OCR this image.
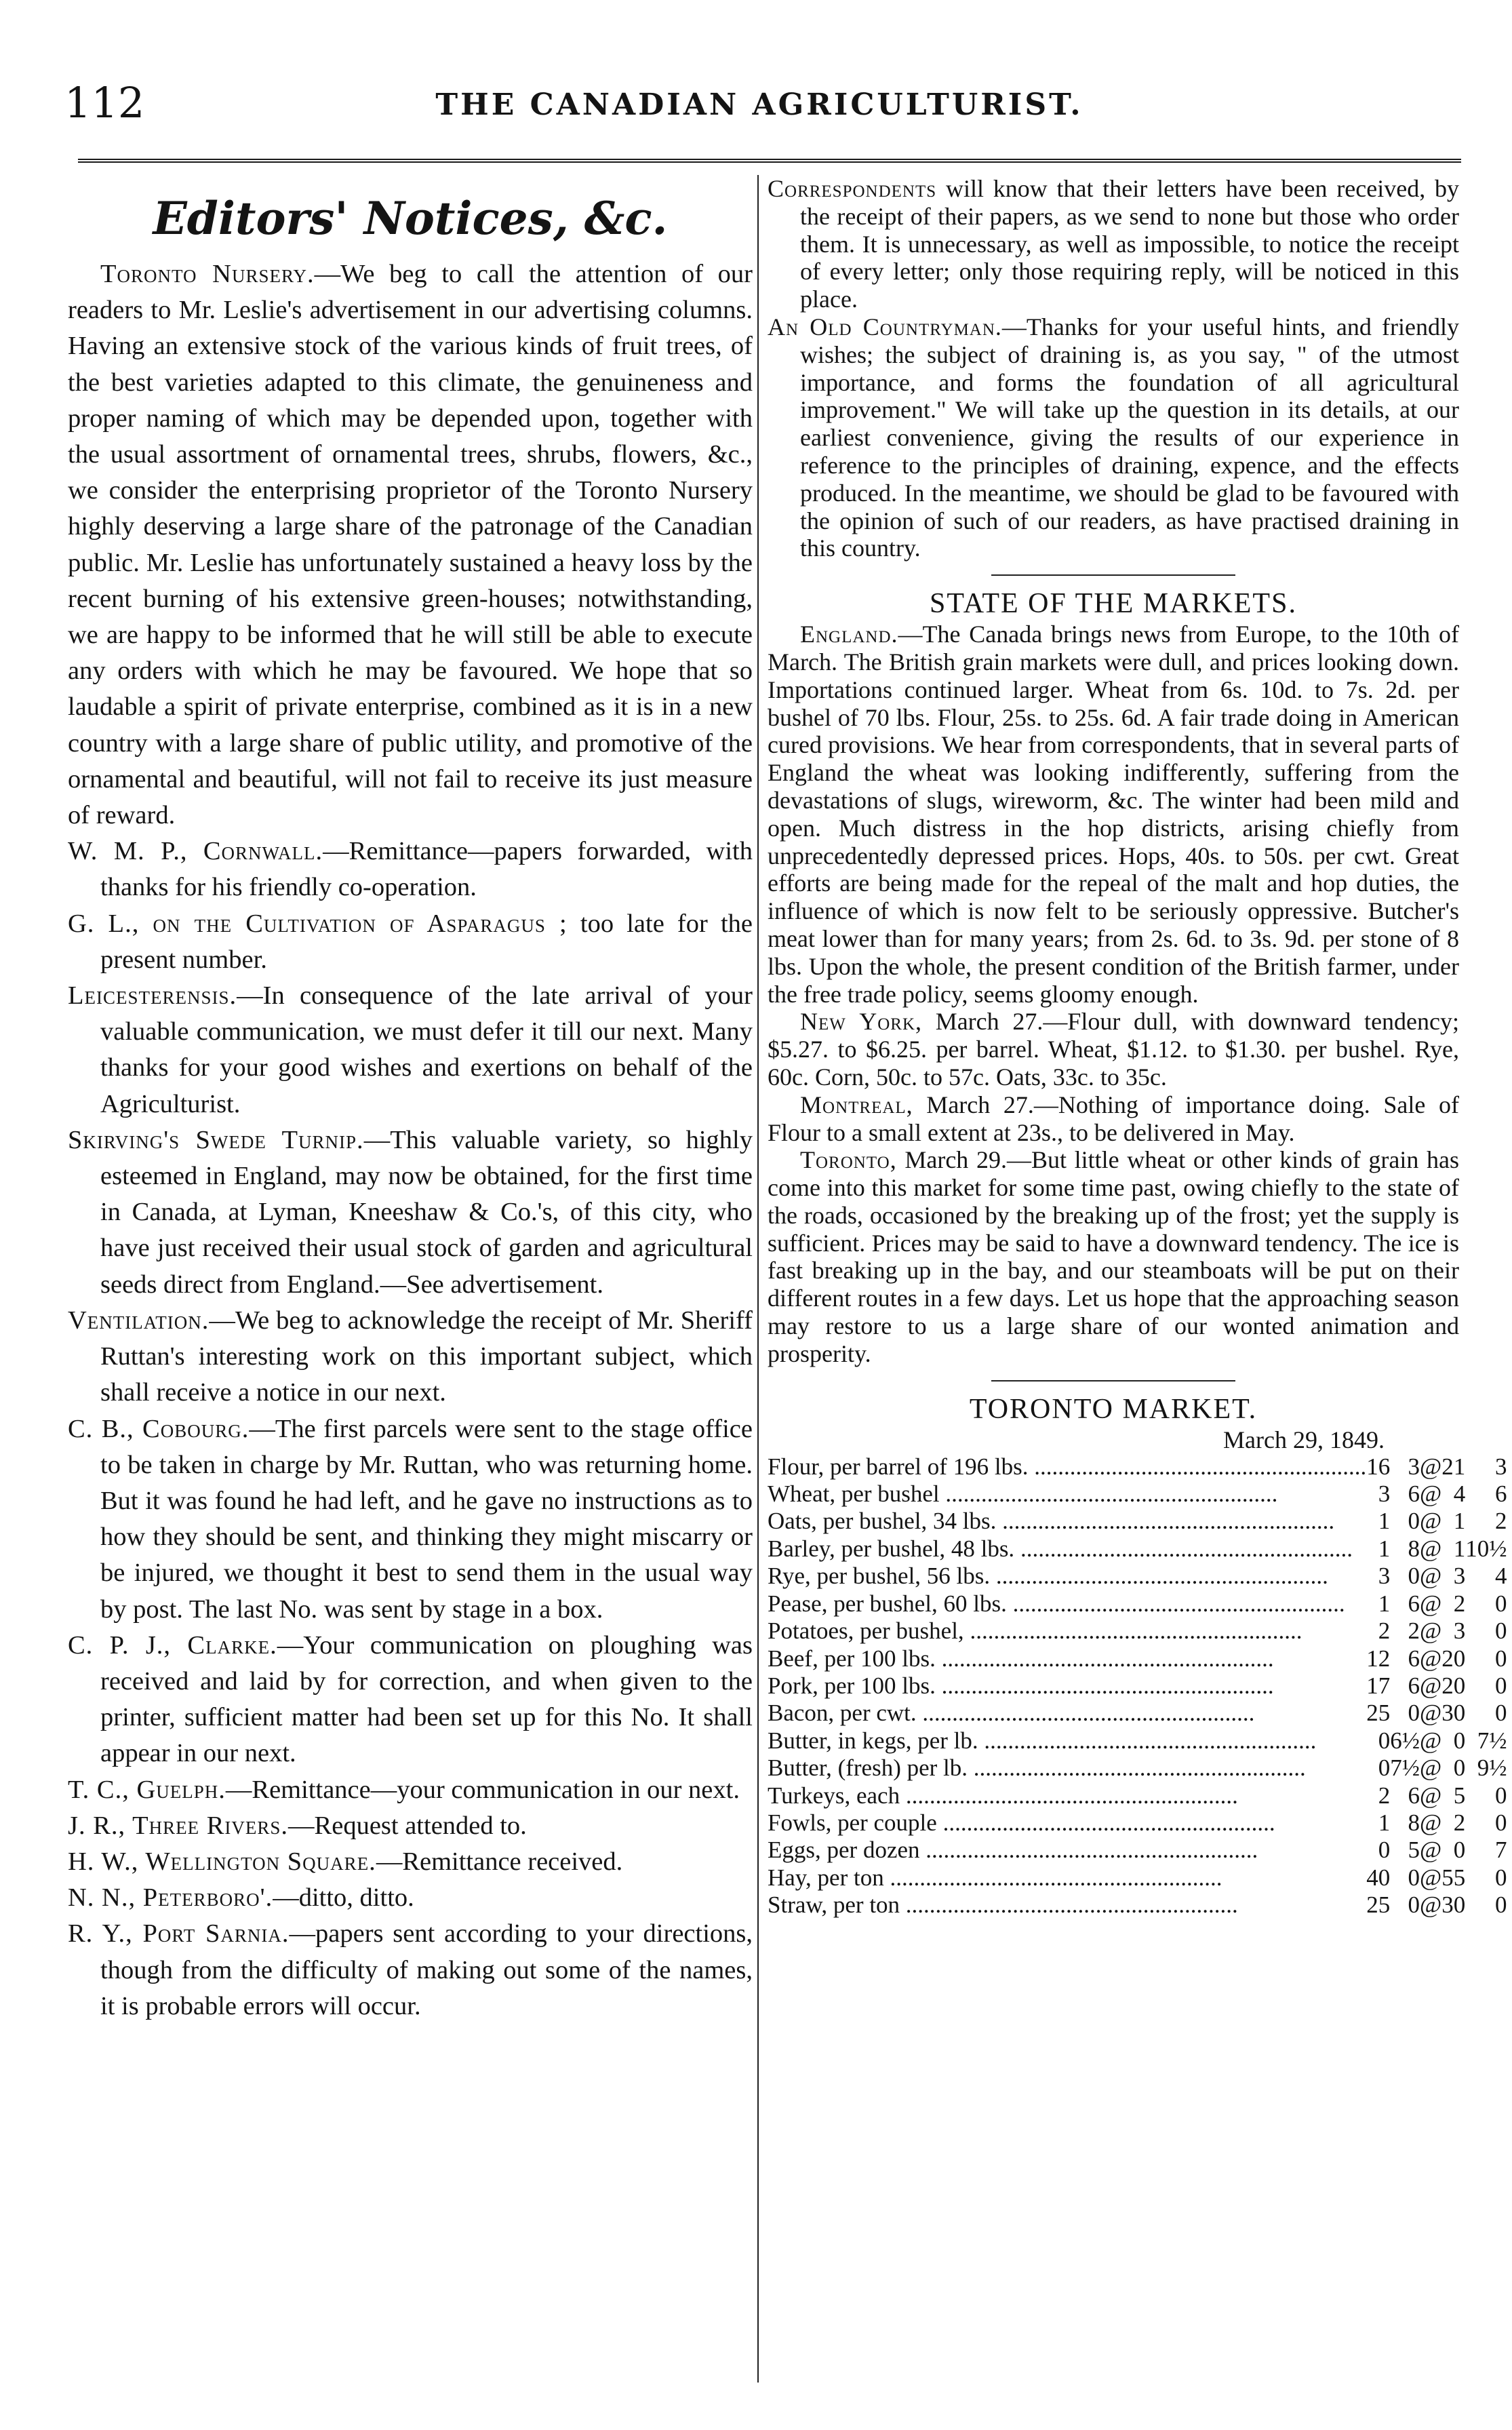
112	THE CANADIAN AGRICULTURIST.
Editors' Notices, &c.

Toronto Nursery.—We beg to call the attention of our readers to Mr. Leslie's advertisement in our advertising columns. Having an extensive stock of the various kinds of fruit trees, of the best varieties adapted to this climate, the genuineness and proper naming of which may be depended upon, together with the usual assortment of ornamental trees, shrubs, flowers, &c., we consider the enterprising proprietor of the Toronto Nursery highly deserving a large share of the patronage of the Canadian public. Mr. Leslie has unfortunately sustained a heavy loss by the recent burning of his extensive green-houses; notwithstanding, we are happy to be informed that he will still be able to execute any orders with which he may be favoured. We hope that so laudable a spirit of private enterprise, combined as it is in a new country with a large share of public utility, and promotive of the ornamental and beautiful, will not fail to receive its just measure of reward.

W. M. P., Cornwall.—Remittance—papers forwarded, with thanks for his friendly co-operation.

G. L., on the Cultivation of Asparagus ; too late for the present number.

Leicesterensis.—In consequence of the late arrival of your valuable communication, we must defer it till our next. Many thanks for your good wishes and exertions on behalf of the Agriculturist.

Skirving's Swede Turnip.—This valuable variety, so highly esteemed in England, may now be obtained, for the first time in Canada, at Lyman, Kneeshaw & Co.'s, of this city, who have just received their usual stock of garden and agricultural seeds direct from England.—See advertisement.

Ventilation.—We beg to acknowledge the receipt of Mr. Sheriff Ruttan's interesting work on this important subject, which shall receive a notice in our next.

C. B., Cobourg.—The first parcels were sent to the stage office to be taken in charge by Mr. Ruttan, who was returning home. But it was found he had left, and he gave no instructions as to how they should be sent, and thinking they might miscarry or be injured, we thought it best to send them in the usual way by post. The last No. was sent by stage in a box.

C. P. J., Clarke.—Your communication on ploughing was received and laid by for correction, and when given to the printer, sufficient matter had been set up for this No. It shall appear in our next.

T. C., Guelph.—Remittance—your communication in our next.

J. R., Three Rivers.—Request attended to.

H. W., Wellington Square.—Remittance received.

N. N., Peterboro'.—ditto, ditto.

R. Y., Port Sarnia.—papers sent according to your directions, though from the difficulty of making out some of the names, it is probable errors will occur.

Correspondents will know that their letters have been received, by the receipt of their papers, as we send to none but those who order them. It is unnecessary, as well as impossible, to notice the receipt of every letter; only those requiring reply, will be noticed in this place.

An Old Countryman.—Thanks for your useful hints, and friendly wishes; the subject of draining is, as you say, " of the utmost importance, and forms the foundation of all agricultural improvement." We will take up the question in its details, at our earliest convenience, giving the results of our experience in reference to the principles of draining, expence, and the effects produced. In the meantime, we should be glad to be favoured with the opinion of such of our readers, as have practised draining in this country.

STATE OF THE MARKETS.

England.—The Canada brings news from Europe, to the 10th of March. The British grain markets were dull, and prices looking down. Importations continued larger. Wheat from 6s. 10d. to 7s. 2d. per bushel of 70 lbs. Flour, 25s. to 25s. 6d. A fair trade doing in American cured provisions. We hear from correspondents, that in several parts of England the wheat was looking indifferently, suffering from the devastations of slugs, wireworm, &c. The winter had been mild and open. Much distress in the hop districts, arising chiefly from unprecedentedly depressed prices. Hops, 40s. to 50s. per cwt. Great efforts are being made for the repeal of the malt and hop duties, the influence of which is now felt to be seriously oppressive. Butcher's meat lower than for many years; from 2s. 6d. to 3s. 9d. per stone of 8 lbs. Upon the whole, the present condition of the British farmer, under the free trade policy, seems gloomy enough.

New York, March 27.—Flour dull, with downward tendency; $5.27. to $6.25. per barrel. Wheat, $1.12. to $1.30. per bushel. Rye, 60c. Corn, 50c. to 57c. Oats, 33c. to 35c.

Montreal, March 27.—Nothing of importance doing. Sale of Flour to a small extent at 23s., to be delivered in May.

Toronto, March 29.—But little wheat or other kinds of grain has come into this market for some time past, owing chiefly to the state of the roads, occasioned by the breaking up of the frost; yet the supply is sufficient. Prices may be said to have a downward tendency. The ice is fast breaking up in the bay, and our steamboats will be put on their different routes in a few days. Let us hope that the approaching season may restore to us a large share of our wonted animation and prosperity.

TORONTO MARKET.
March 29, 1849.
Flour, per barrel of 196 lbs. .....	16	3	@	21	3
Wheat, per bushel .....	3	6	@	4	6
Oats, per bushel, 34 lbs. .....	1	0	@	1	2
Barley, per bushel, 48 lbs. .....	1	8	@	1	10½
Rye, per bushel, 56 lbs. .....	3	0	@	3	4
Pease, per bushel, 60 lbs. .....	1	6	@	2	0
Potatoes, per bushel, .....	2	2	@	3	0
Beef, per 100 lbs. .....	12	6	@	20	0
Pork, per 100 lbs. .....	17	6	@	20	0
Bacon, per cwt. .....	25	0	@	30	0
Butter, in kegs, per lb. .....	0	6½	@	0	7½
Butter, (fresh) per lb. .....	0	7½	@	0	9½
Turkeys, each .....	2	6	@	5	0
Fowls, per couple .....	1	8	@	2	0
Eggs, per dozen .....	0	5	@	0	7
Hay, per ton .....	40	0	@	55	0
Straw, per ton .....	25	0	@	30	0
